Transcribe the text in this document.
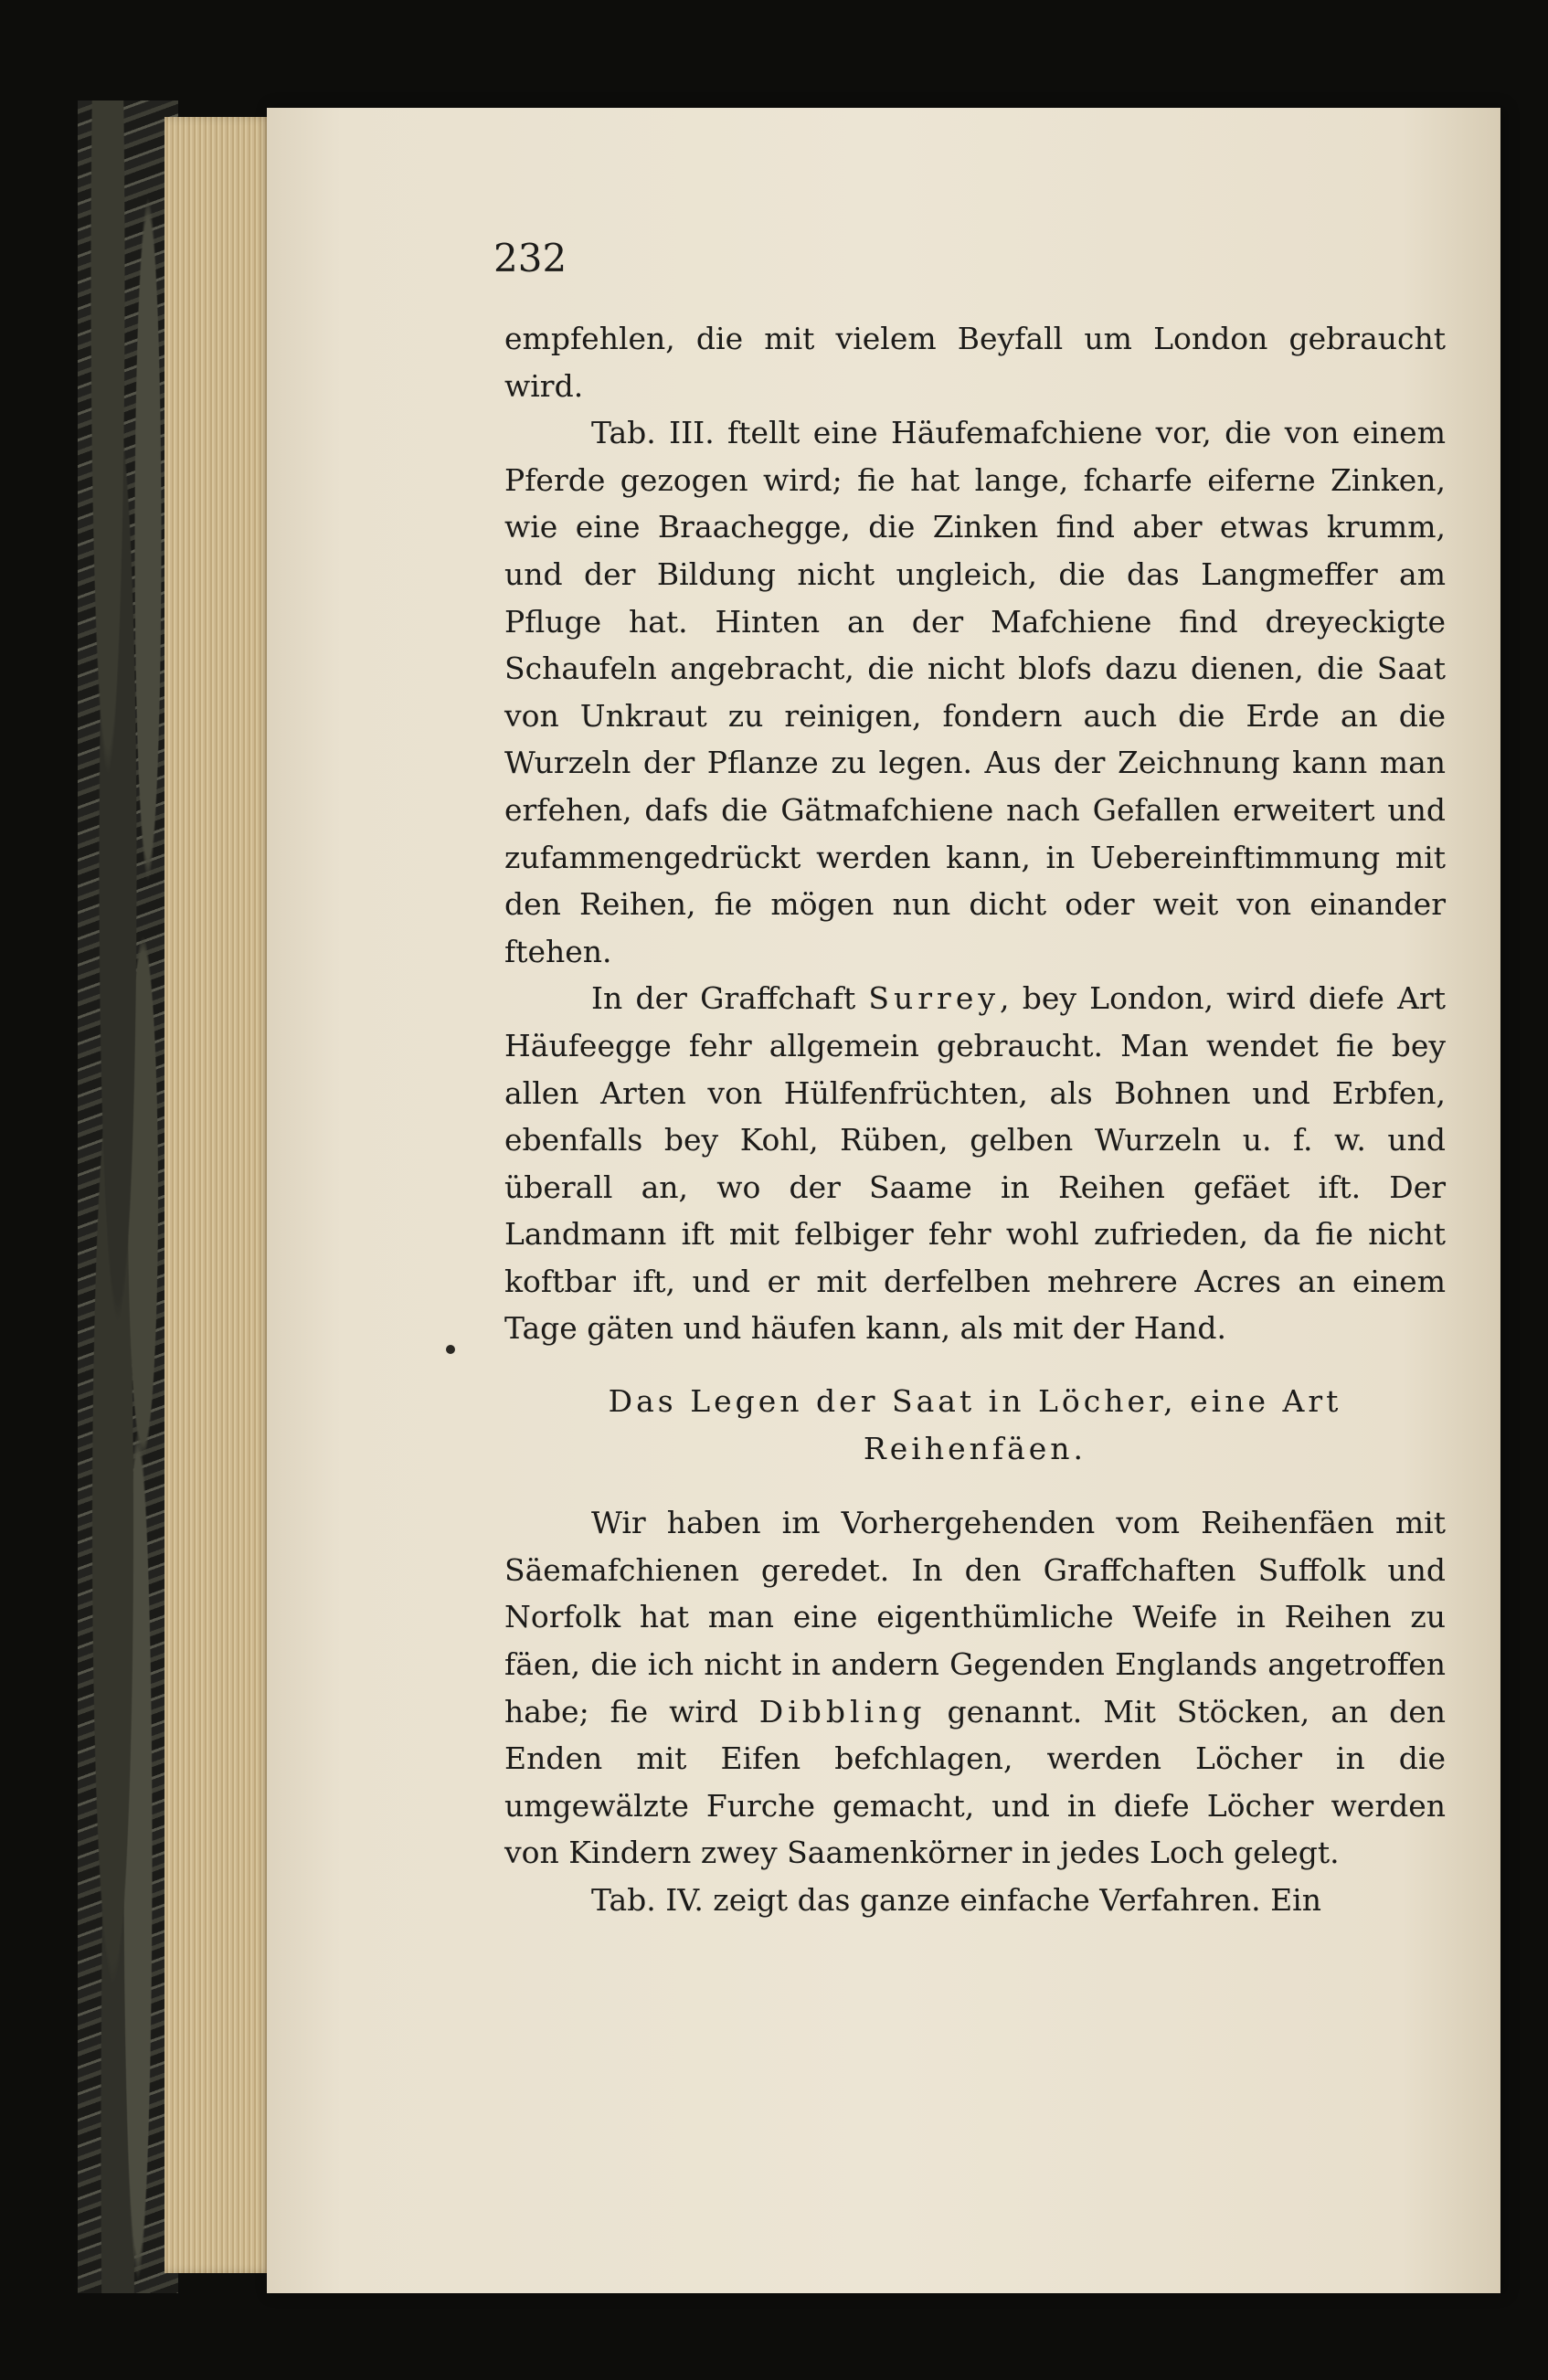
232

empfehlen, die mit vielem Beyfall um London gebraucht wird.

Tab. III. ftellt eine Häufemafchiene vor, die von einem Pferde gezogen wird; fie hat lange, fcharfe eiferne Zinken, wie eine Braachegge, die Zinken find aber etwas krumm, und der Bildung nicht ungleich, die das Langmeffer am Pfluge hat. Hinten an der Mafchiene find dreyeckigte Schaufeln angebracht, die nicht blofs dazu dienen, die Saat von Unkraut zu reinigen, fondern auch die Erde an die Wurzeln der Pflanze zu legen. Aus der Zeichnung kann man erfehen, dafs die Gätmafchiene nach Gefallen erweitert und zufammengedrückt werden kann, in Uebereinftimmung mit den Reihen, fie mögen nun dicht oder weit von einander ftehen.

In der Graffchaft Surrey, bey London, wird diefe Art Häufeegge fehr allgemein gebraucht. Man wendet fie bey allen Arten von Hülfenfrüchten, als Bohnen und Erbfen, ebenfalls bey Kohl, Rüben, gelben Wurzeln u. f. w. und überall an, wo der Saame in Reihen gefäet ift. Der Landmann ift mit felbiger fehr wohl zufrieden, da fie nicht koftbar ift, und er mit derfelben mehrere Acres an einem Tage gäten und häufen kann, als mit der Hand.

Das Legen der Saat in Löcher, eine Art
Reihenfäen.

Wir haben im Vorhergehenden vom Reihenfäen mit Säemafchienen geredet. In den Graffchaften Suffolk und Norfolk hat man eine eigenthümliche Weife in Reihen zu fäen, die ich nicht in andern Gegenden Englands angetroffen habe; fie wird Dibbling genannt. Mit Stöcken, an den Enden mit Eifen befchlagen, werden Löcher in die umgewälzte Furche gemacht, und in diefe Löcher werden von Kindern zwey Saamenkörner in jedes Loch gelegt.

Tab. IV. zeigt das ganze einfache Verfahren. Ein
